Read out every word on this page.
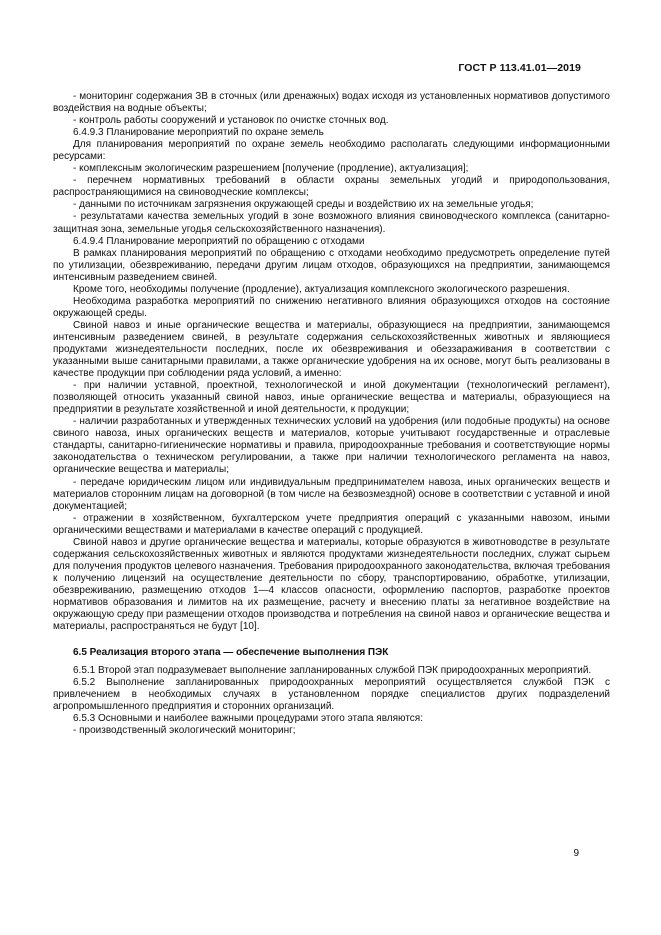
ГОСТ Р 113.41.01—2019

- мониторинг содержания ЗВ в сточных (или дренажных) водах исходя из установленных нормативов допустимого воздействия на водные объекты;

- контроль работы сооружений и установок по очистке сточных вод.

6.4.9.3 Планирование мероприятий по охране земель

Для планирования мероприятий по охране земель необходимо располагать следующими информационными ресурсами:

- комплексным экологическим разрешением [получение (продление), актуализация];

- перечнем нормативных требований в области охраны земельных угодий и природопользования, распространяющимися на свиноводческие комплексы;

- данными по источникам загрязнения окружающей среды и воздействию их на земельные угодья;

- результатами качества земельных угодий в зоне возможного влияния свиноводческого комплекса (санитарно-защитная зона, земельные угодья сельскохозяйственного назначения).

6.4.9.4 Планирование мероприятий по обращению с отходами

В рамках планирования мероприятий по обращению с отходами необходимо предусмотреть определение путей по утилизации, обезвреживанию, передачи другим лицам отходов, образующихся на предприятии, занимающемся интенсивным разведением свиней.

Кроме того, необходимы получение (продление), актуализация комплексного экологического разрешения.

Необходима разработка мероприятий по снижению негативного влияния образующихся отходов на состояние окружающей среды.

Свиной навоз и иные органические вещества и материалы, образующиеся на предприятии, занимающемся интенсивным разведением свиней, в результате содержания сельскохозяйственных животных и являющиеся продуктами жизнедеятельности последних, после их обезвреживания и обеззараживания в соответствии с указанными выше санитарными правилами, а также органические удобрения на их основе, могут быть реализованы в качестве продукции при соблюдении ряда условий, а именно:

- при наличии уставной, проектной, технологической и иной документации (технологический регламент), позволяющей относить указанный свиной навоз, иные органические вещества и материалы, образующиеся на предприятии в результате хозяйственной и иной деятельности, к продукции;

- наличии разработанных и утвержденных технических условий на удобрения (или подобные продукты) на основе свиного навоза, иных органических веществ и материалов, которые учитывают государственные и отраслевые стандарты, санитарно-гигиенические нормативы и правила, природоохранные требования и соответствующие нормы законодательства о техническом регулировании, а также при наличии технологического регламента на навоз, органические вещества и материалы;

- передаче юридическим лицом или индивидуальным предпринимателем навоза, иных органических веществ и материалов сторонним лицам на договорной (в том числе на безвозмездной) основе в соответствии с уставной и иной документацией;

- отражении в хозяйственном, бухгалтерском учете предприятия операций с указанными навозом, иными органическими веществами и материалами в качестве операций с продукцией.

Свиной навоз и другие органические вещества и материалы, которые образуются в животноводстве в результате содержания сельскохозяйственных животных и являются продуктами жизнедеятельности последних, служат сырьем для получения продуктов целевого назначения. Требования природоохранного законодательства, включая требования к получению лицензий на осуществление деятельности по сбору, транспортированию, обработке, утилизации, обезвреживанию, размещению отходов 1—4 классов опасности, оформлению паспортов, разработке проектов нормативов образования и лимитов на их размещение, расчету и внесению платы за негативное воздействие на окружающую среду при размещении отходов производства и потребления на свиной навоз и органические вещества и материалы, распространяться не будут [10].

6.5 Реализация второго этапа — обеспечение выполнения ПЭК

6.5.1 Второй этап подразумевает выполнение запланированных службой ПЭК природоохранных мероприятий.

6.5.2 Выполнение запланированных природоохранных мероприятий осуществляется службой ПЭК с привлечением в необходимых случаях в установленном порядке специалистов других подразделений агропромышленного предприятия и сторонних организаций.

6.5.3 Основными и наиболее важными процедурами этого этапа являются:

- производственный экологический мониторинг;

9
